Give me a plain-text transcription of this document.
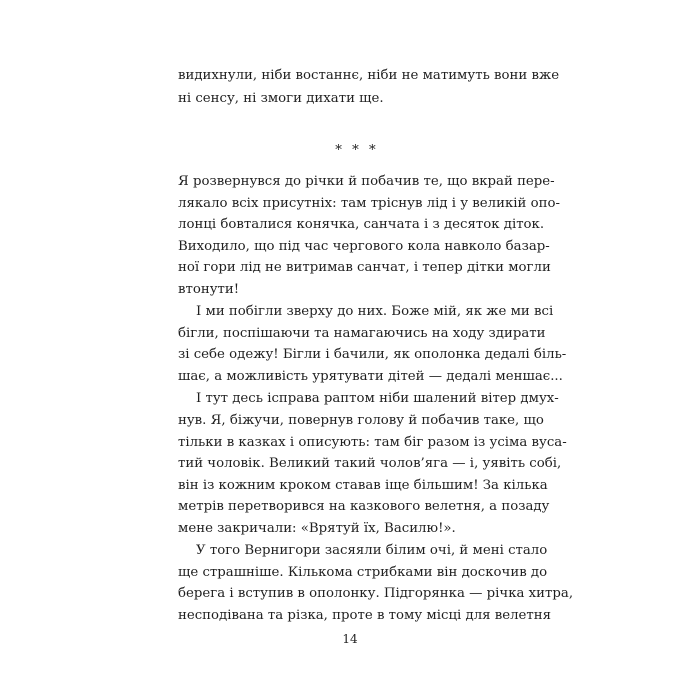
видихнули, ніби востаннє, ніби не матимуть вони вже
ні сенсу, ні змоги дихати ще.
* * *
Я розвернувся до річки й побачив те, що вкрай пере-
лякало всіх присутніх: там тріснув лід і у великій опо-
лонці бовталися конячка, санчата і з десяток діток.
Виходило, що під час чергового кола навколо базар-
ної гори лід не витримав санчат, і тепер дітки могли
втонути!
І ми побігли зверху до них. Боже мій, як же ми всі
бігли, поспішаючи та намагаючись на ходу здирати
зі себе одежу! Бігли і бачили, як ополонка дедалі біль-
шає, а можливість урятувати дітей — дедалі меншає...
І тут десь ісправа раптом ніби шалений вітер дмух-
нув. Я, біжучи, повернув голову й побачив таке, що
тільки в казках і описують: там біг разом із усіма вуса-
тий чоловік. Великий такий чолов’яга — і, уявіть собі,
він із кожним кроком ставав іще більшим! За кілька
метрів перетворився на казкового велетня, а позаду
мене закричали: «Врятуй їх, Василю!».
У того Вернигори засяяли білим очі, й мені стало
ще страшніше. Кількома стрибками він доскочив до
берега і вступив в ополонку. Підгорянка — річка хитра,
несподівана та різка, проте в тому місці для велетня
14
